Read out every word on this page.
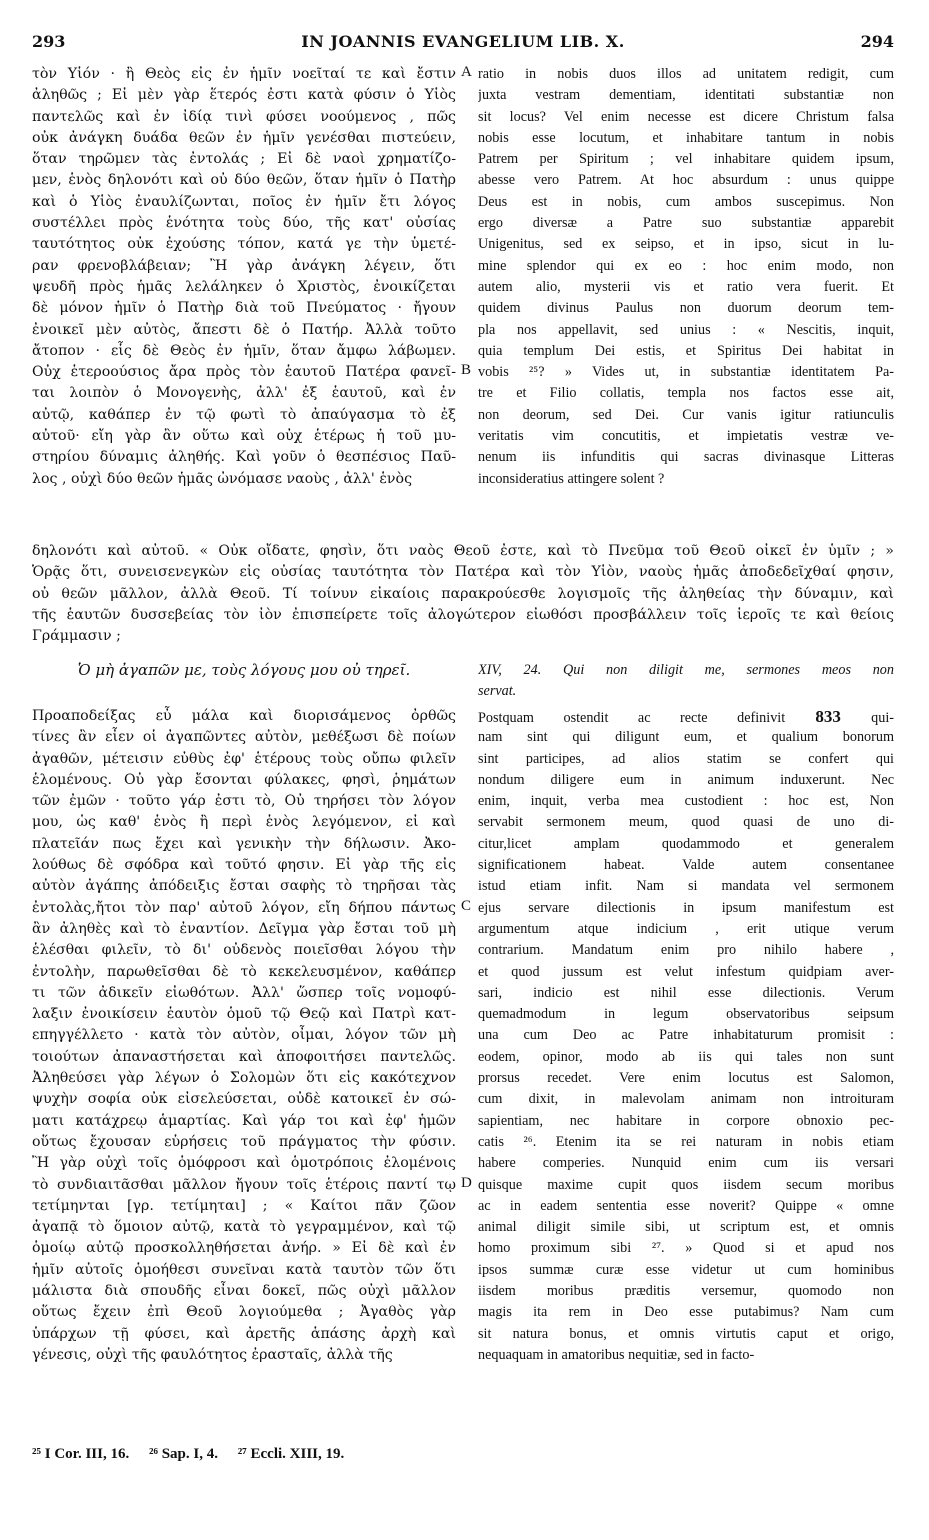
293	IN JOANNIS EVANGELIUM LIB. X.	294
τὸν Υἱόν · ἢ Θεὸς εἰς ἐν ἡμῖν νοεῖταί τε καὶ ἔστιν
ἀληθῶς ; Εἰ μὲν γὰρ ἕτερός ἐστι κατὰ φύσιν ὁ Υἱὸς
παντελῶς καὶ ἐν ἰδίᾳ τινὶ φύσει νοούμενος , πῶς
οὐκ ἀνάγκη δυάδα θεῶν ἐν ἡμῖν γενέσθαι πιστεύειν,
ὅταν τηρῶμεν τὰς ἐντολάς ; Εἰ δὲ ναοὶ χρηματίζο-
μεν, ἑνὸς δηλονότι καὶ οὐ δύο θεῶν, ὅταν ἡμῖν ὁ Πατὴρ
καὶ ὁ Υἱὸς ἐναυλίζωνται, ποῖος ἐν ἡμῖν ἔτι λόγος
συστέλλει πρὸς ἑνότητα τοὺς δύο, τῆς κατ' οὐσίας
ταυτότητος οὐκ ἐχούσης τόπον, κατά γε τὴν ὑμετέ-
ραν φρενοβλάβειαν; Ἢ γὰρ ἀνάγκη λέγειν, ὅτι
ψευδῆ πρὸς ἡμᾶς λελάληκεν ὁ Χριστὸς, ἐνοικίζεται
δὲ μόνον ἡμῖν ὁ Πατὴρ διὰ τοῦ Πνεύματος · ἤγουν
ἐνοικεῖ μὲν αὐτὸς, ἄπεστι δὲ ὁ Πατήρ. Ἀλλὰ τοῦτο
ἄτοπον · εἷς δὲ Θεὸς ἐν ἡμῖν, ὅταν ἄμφω λάβωμεν.
Οὐχ ἑτεροούσιος ἄρα πρὸς τὸν ἑαυτοῦ Πατέρα φανεῖ-
ται λοιπὸν ὁ Μονογενὴς, ἀλλ' ἐξ ἑαυτοῦ, καὶ ἐν
αὐτῷ, καθάπερ ἐν τῷ φωτὶ τὸ ἀπαύγασμα τὸ ἐξ
αὐτοῦ· εἴη γὰρ ἂν οὕτω καὶ οὐχ ἑτέρως ἡ τοῦ μυ-
στηρίου δύναμις ἀληθής. Καὶ γοῦν ὁ θεσπέσιος Παῦ-
λος , οὐχὶ δύο θεῶν ἡμᾶς ὠνόμασε ναοὺς , ἀλλ' ἑνὸς
ratio in nobis duos illos ad unitatem redigit, cum
juxta vestram dementiam, identitati substantiæ non
sit locus? Vel enim necesse est dicere Christum falsa
nobis esse locutum, et inhabitare tantum in nobis
Patrem per Spiritum ; vel inhabitare quidem ipsum,
abesse vero Patrem. At hoc absurdum : unus quippe
Deus est in nobis, cum ambos suscepimus. Non
ergo diversæ a Patre suo substantiæ apparebit
Unigenitus, sed ex seipso, et in ipso, sicut in lu-
mine splendor qui ex eo : hoc enim modo, non
autem alio, mysterii vis et ratio vera fuerit. Et
quidem divinus Paulus non duorum deorum tem-
pla nos appellavit, sed unius : « Nescitis, inquit,
quia templum Dei estis, et Spiritus Dei habitat in
vobis ²⁵? » Vides ut, in substantiæ identitatem Pa-
tre et Filio collatis, templa nos factos esse ait,
non deorum, sed Dei. Cur vanis igitur ratiunculis
veritatis vim concutitis, et impietatis vestræ ve-
nenum iis infunditis qui sacras divinasque Litteras
inconsideratius attingere solent ?
δηλονότι καὶ αὐτοῦ. « Οὐκ οἴδατε, φησὶν, ὅτι ναὸς Θεοῦ ἐστε, καὶ τὸ Πνεῦμα τοῦ Θεοῦ οἰκεῖ ἐν ὑμῖν ; »
Ὁρᾷς ὅτι, συνεισενεγκὼν εἰς οὐσίας ταυτότητα τὸν Πατέρα καὶ τὸν Υἱὸν, ναοὺς ἡμᾶς ἀποδεδεῖχθαί φησιν,
οὐ θεῶν μᾶλλον, ἀλλὰ Θεοῦ. Τί τοίνυν εἰκαίοις παρακρούεσθε λογισμοῖς τῆς ἀληθείας τὴν δύναμιν, καὶ
τῆς ἑαυτῶν δυσσεβείας τὸν ἰὸν ἐπισπείρετε τοῖς ἀλογώτερον εἰωθόσι προσβάλλειν τοῖς ἱεροῖς τε καὶ θείοις
Γράμμασιν ;
Ὁ μὴ ἀγαπῶν με, τοὺς λόγους μου οὐ τηρεῖ.	XIV, 24. Qui non diligit me, sermones meos non
servat.
Προαποδείξας εὖ μάλα καὶ διορισάμενος ὀρθῶς
τίνες ἂν εἶεν οἱ ἀγαπῶντες αὐτὸν, μεθέξωσι δὲ ποίων
ἀγαθῶν, μέτεισιν εὐθὺς ἐφ' ἑτέρους τοὺς οὔπω φιλεῖν
ἑλομένους. Οὐ γὰρ ἔσονται φύλακες, φησὶ, ῥημάτων
τῶν ἐμῶν · τοῦτο γάρ ἐστι τὸ, Οὐ τηρήσει τὸν λόγον
μου, ὡς καθ' ἑνὸς ἢ περὶ ἑνὸς λεγόμενον, εἰ καὶ
πλατεῖάν πως ἔχει καὶ γενικὴν τὴν δήλωσιν. Ἀκο-
λούθως δὲ σφόδρα καὶ τοῦτό φησιν. Εἰ γὰρ τῆς εἰς
αὐτὸν ἀγάπης ἀπόδειξις ἔσται σαφὴς τὸ τηρῆσαι τὰς
ἐντολὰς,ἤτοι τὸν παρ' αὐτοῦ λόγον, εἴη δήπου πάντως
ἂν ἀληθὲς καὶ τὸ ἐναντίον. Δεῖγμα γὰρ ἔσται τοῦ μὴ
ἑλέσθαι φιλεῖν, τὸ δι' οὐδενὸς ποιεῖσθαι λόγου τὴν
ἐντολὴν, παρωθεῖσθαι δὲ τὸ κεκελευσμένον, καθάπερ
τι τῶν ἀδικεῖν εἰωθότων. Ἀλλ' ὥσπερ τοῖς νομοφύ-
λαξιν ἐνοικίσειν ἑαυτὸν ὁμοῦ τῷ Θεῷ καὶ Πατρὶ κατ-
επηγγέλλετο · κατὰ τὸν αὐτὸν, οἶμαι, λόγον τῶν μὴ
τοιούτων ἀπαναστήσεται καὶ ἀποφοιτήσει παντελῶς.
Ἀληθεύσει γὰρ λέγων ὁ Σολομὼν ὅτι εἰς κακότεχνον
ψυχὴν σοφία οὐκ εἰσελεύσεται, οὐδὲ κατοικεῖ ἐν σώ-
ματι κατάχρεῳ ἁμαρτίας. Καὶ γάρ τοι καὶ ἐφ' ἡμῶν
οὕτως ἔχουσαν εὑρήσεις τοῦ πράγματος τὴν φύσιν.
Ἢ γὰρ οὐχὶ τοῖς ὁμόφροσι καὶ ὁμοτρόποις ἐλομένοις
τὸ συνδιαιτᾶσθαι μᾶλλον ἤγουν τοῖς ἑτέροις παντί τῳ
τετίμηνται [γρ. τετίμηται] ; « Καίτοι πᾶν ζῶον
ἀγαπᾷ τὸ ὅμοιον αὐτῷ, κατὰ τὸ γεγραμμένον, καὶ τῷ
ὁμοίῳ αὐτῷ προσκολληθήσεται ἀνήρ. » Εἰ δὲ καὶ ἐν
ἡμῖν αὐτοῖς ὁμοήθεσι συνεῖναι κατὰ ταυτὸν τῶν ὅτι
μάλιστα διὰ σπουδῆς εἶναι δοκεῖ, πῶς οὐχὶ μᾶλλον
οὕτως ἔχειν ἐπὶ Θεοῦ λογιούμεθα ; Ἀγαθὸς γὰρ
ὑπάρχων τῇ φύσει, καὶ ἀρετῆς ἁπάσης ἀρχὴ καὶ
γένεσις, οὐχὶ τῆς φαυλότητος ἐρασταῖς, ἀλλὰ τῆς
Postquam ostendit ac recte definivit 833 qui-
nam sint qui diligunt eum, et qualium bonorum
sint participes, ad alios statim se confert qui
nondum diligere eum in animum induxerunt. Nec
enim, inquit, verba mea custodient : hoc est, Non
servabit sermonem meum, quod quasi de uno di-
citur,licet amplam quodammodo et generalem
significationem habeat. Valde autem consentanee
istud etiam infit. Nam si mandata vel sermonem
ejus servare dilectionis in ipsum manifestum est
argumentum atque indicium , erit utique verum
contrarium. Mandatum enim pro nihilo habere ,
et quod jussum est velut infestum quidpiam aver-
sari, indicio est nihil esse dilectionis. Verum
quemadmodum in legum observatoribus seipsum
una cum Deo ac Patre inhabitaturum promisit :
eodem, opinor, modo ab iis qui tales non sunt
prorsus recedet. Vere enim locutus est Salomon,
cum dixit, in malevolam animam non introituram
sapientiam, nec habitare in corpore obnoxio pec-
catis ²⁶. Etenim ita se rei naturam in nobis etiam
habere comperies. Nunquid enim cum iis versari
quisque maxime cupit quos iisdem secum moribus
ac in eadem sententia esse noverit? Quippe « omne
animal diligit simile sibi, ut scriptum est, et omnis
homo proximum sibi ²⁷. » Quod si et apud nos
ipsos summæ curæ esse videtur ut cum hominibus
iisdem moribus præditis versemur, quomodo non
magis ita rem in Deo esse putabimus? Nam cum
sit natura bonus, et omnis virtutis caput et origo,
nequaquam in amatoribus nequitiæ, sed in facto-
A
B
C
D
²⁵ I Cor. III, 16. ²⁶ Sap. I, 4. ²⁷ Eccli. XIII, 19.
